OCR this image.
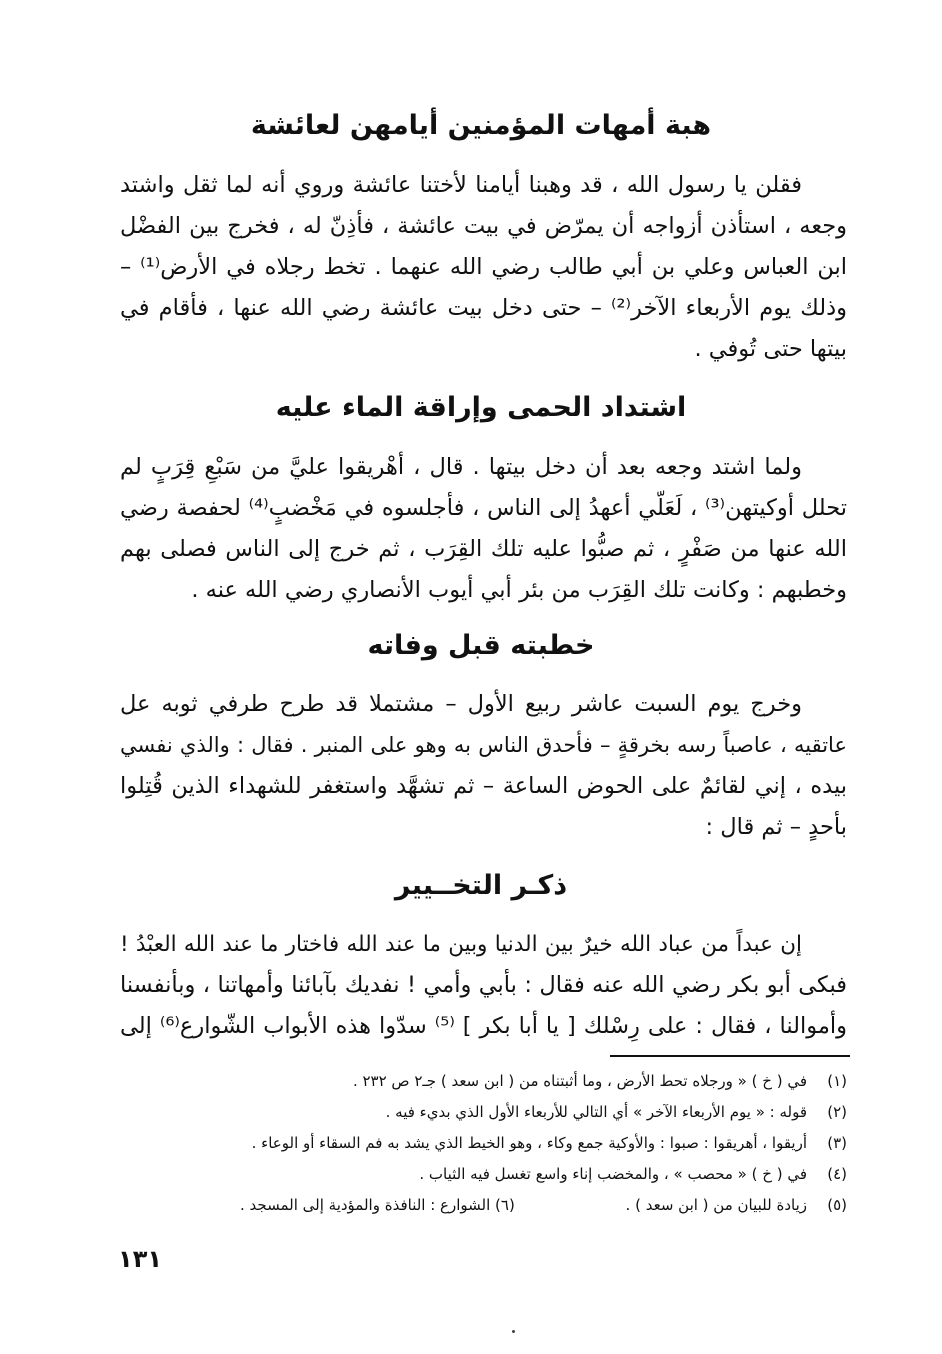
هبة أمهات المؤمنين أيامهن لعائشة
فقلن يا رسول الله ، قد وهبنا أيامنا لأختنا عائشة وروي أنه لما ثقل واشتد
وجعه ، استأذن أزواجه أن يمرّض في بيت عائشة ، فأذِنّ له ، فخرج بين الفضْل
ابن العباس وعلي بن أبي طالب رضي الله عنهما . تخط رجلاه في الأرض⁽¹⁾ –
وذلك يوم الأربعاء الآخر⁽²⁾ – حتى دخل بيت عائشة رضي الله عنها ، فأقام في
بيتها حتى تُوفي .
اشتداد الحمى وإراقة الماء عليه
ولما اشتد وجعه بعد أن دخل بيتها . قال ، أهْريقوا عليَّ من سَبْعِ قِرَبٍ لم
تحلل أوكيتهن⁽³⁾ ، لَعَلّي أعهدُ إلى الناس ، فأجلسوه في مَخْضبٍ⁽⁴⁾ لحفصة رضي
الله عنها من صَفْرٍ ، ثم صبُّوا عليه تلك القِرَب ، ثم خرج إلى الناس فصلى بهم
وخطبهم : وكانت تلك القِرَب من بئر أبي أيوب الأنصاري رضي الله عنه .
خطبته قبل وفاته
وخرج يوم السبت عاشر ربيع الأول – مشتملا قد طرح طرفي ثوبه عل
عاتقيه ، عاصباً رسه بخرقةٍ – فأحدق الناس به وهو على المنبر . فقال : والذي نفسي
بيده ، إني لقائمٌ على الحوض الساعة – ثم تشهَّد واستغفر للشهداء الذين قُتِلوا
بأحدٍ – ثم قال :
ذكـر التخــيير
إن عبداً من عباد الله خيرٌ بين الدنيا وبين ما عند الله فاختار ما عند الله العبْدُ !
فبكى أبو بكر رضي الله عنه فقال : بأبي وأمي ! نفديك بآبائنا وأمهاتنا ، وبأنفسنا
وأموالنا ، فقال : على رِسْلك [ يا أبا بكر ] ⁽⁵⁾ سدّوا هذه الأبواب الشّوارع⁽⁶⁾ إلى
(١)
في ( خ ) « ورجلاه تحط الأرض ، وما أثبتناه من ( ابن سعد ) جـ٢ ص ٢٣٢ .
(٢)
قوله : « يوم الأربعاء الآخر » أي التالي للأربعاء الأول الذي بديء فيه .
(٣)
أريقوا ، أهريقوا : صبوا : والأوكية جمع وكاء ، وهو الخيط الذي يشد به فم السقاء أو الوعاء .
(٤)
في ( خ ) « محصب » ، والمخضب إناء واسع تغسل فيه الثياب .
(٥)
زيادة للبيان من ( ابن سعد ) .
(٦) الشوارع : النافذة والمؤدية إلى المسجد .
١٣١
